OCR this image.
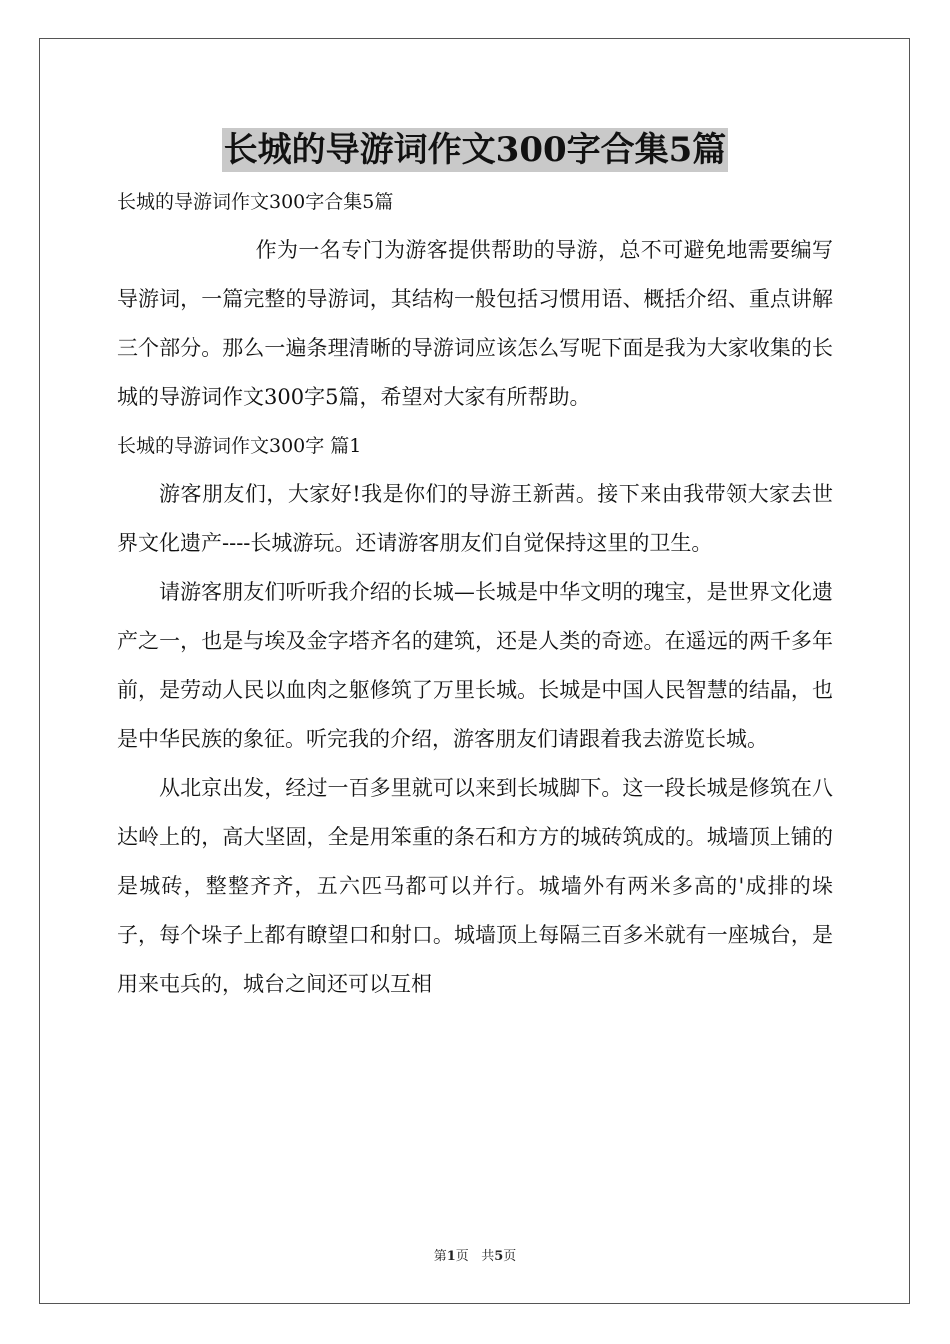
长城的导游词作文300字合集5篇

长城的导游词作文300字合集5篇

作为一名专门为游客提供帮助的导游，总不可避免地需要编写导游词，一篇完整的导游词，其结构一般包括习惯用语、概括介绍、重点讲解三个部分。那么一遍条理清晰的导游词应该怎么写呢下面是我为大家收集的长城的导游词作文300字5篇，希望对大家有所帮助。

长城的导游词作文300字 篇1

游客朋友们，大家好!我是你们的导游王新茜。接下来由我带领大家去世界文化遗产----长城游玩。还请游客朋友们自觉保持这里的卫生。

请游客朋友们听听我介绍的长城—长城是中华文明的瑰宝，是世界文化遗产之一，也是与埃及金字塔齐名的建筑，还是人类的奇迹。在遥远的两千多年前，是劳动人民以血肉之躯修筑了万里长城。长城是中国人民智慧的结晶，也是中华民族的象征。听完我的介绍，游客朋友们请跟着我去游览长城。

从北京出发，经过一百多里就可以来到长城脚下。这一段长城是修筑在八达岭上的，高大坚固，全是用笨重的条石和方方的城砖筑成的。城墙顶上铺的是城砖，整整齐齐，五六匹马都可以并行。城墙外有两米多高的'成排的垛子，每个垛子上都有瞭望口和射口。城墙顶上每隔三百多米就有一座城台，是用来屯兵的，城台之间还可以互相

第1页   共5页
